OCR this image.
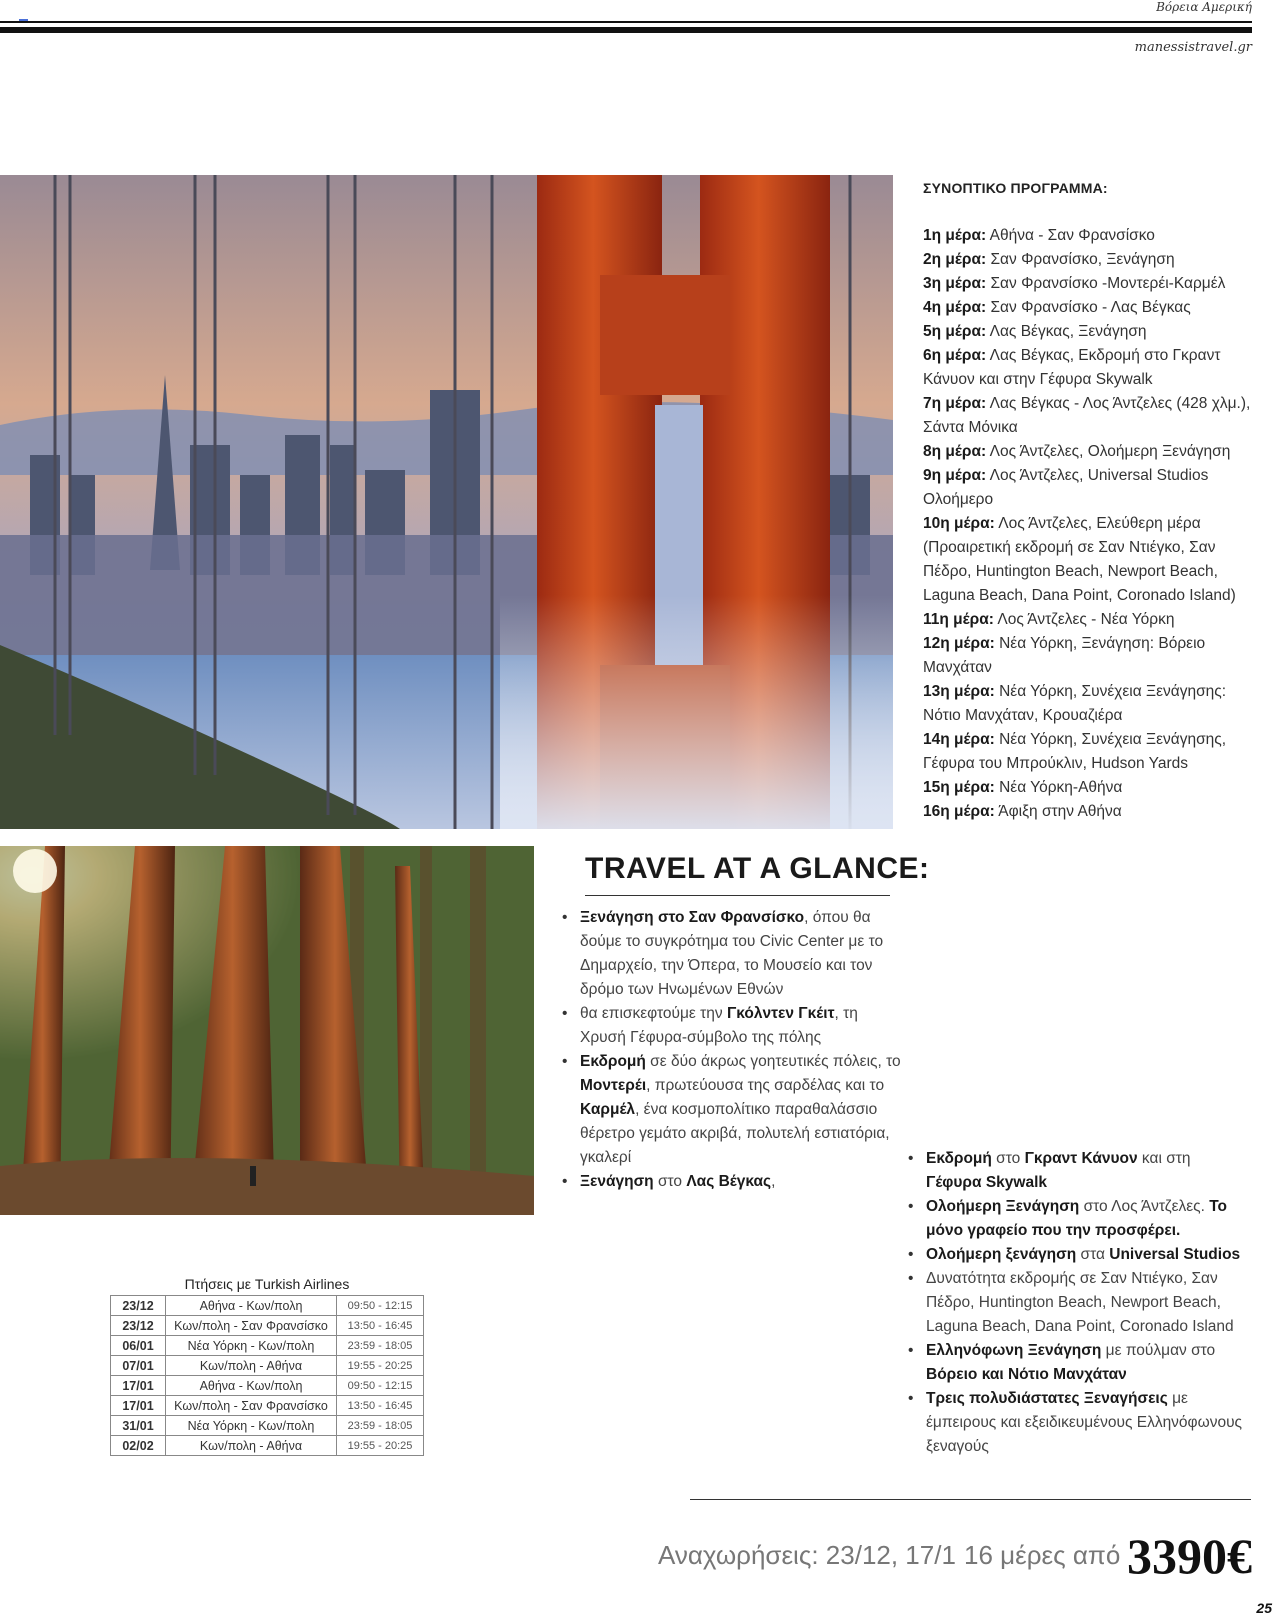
Βόρεια Αμερική
manessistravel.gr
ΣΥΝΟΠΤΙΚΟ ΠΡΟΓΡΑΜΜΑ:
1η μέρα: Αθήνα - Σαν Φρανσίσκο
2η μέρα: Σαν Φρανσίσκο, Ξενάγηση
3η μέρα: Σαν Φρανσίσκο -Μοντερέι-Καρμέλ
4η μέρα: Σαν Φρανσίσκο - Λας Βέγκας
5η μέρα: Λας Βέγκας, Ξενάγηση
6η μέρα: Λας Βέγκας, Εκδρομή στο Γκραντ Κάνυον και στην Γέφυρα Skywalk
7η μέρα: Λας Βέγκας - Λος Άντζελες (428 χλμ.), Σάντα Μόνικα
8η μέρα: Λος Άντζελες, Ολοήμερη Ξενάγηση
9η μέρα: Λος Άντζελες, Universal Studios Ολοήμερο
10η μέρα: Λος Άντζελες, Ελεύθερη μέρα (Προαιρετική εκδρομή σε Σαν Ντιέγκο, Σαν Πέδρο, Huntington Beach, Newport Beach, Laguna Beach, Dana Point, Coronado Island)
11η μέρα: Λος Άντζελες - Νέα Υόρκη
12η μέρα: Νέα Υόρκη, Ξενάγηση: Βόρειο Μανχάταν
13η μέρα: Νέα Υόρκη, Συνέχεια Ξενάγησης: Νότιο Μανχάταν, Κρουαζιέρα
14η μέρα: Νέα Υόρκη, Συνέχεια Ξενάγησης, Γέφυρα του Μπρούκλιν, Hudson Yards
15η μέρα: Νέα Υόρκη-Αθήνα
16η μέρα: Άφιξη στην Αθήνα
TRAVEL AT A GLANCE:
• Ξενάγηση στο Σαν Φρανσίσκο, όπου θα δούμε το συγκρότημα του Civic Center με το Δημαρχείο, την Όπερα, το Μουσείο και τον δρόμο των Ηνωμένων Εθνών
• θα επισκεφτούμε την Γκόλντεν Γκέιτ, τη Χρυσή Γέφυρα-σύμβολο της πόλης
• Εκδρομή σε δύο άκρως γοητευτικές πόλεις, το Μοντερέι, πρωτεύουσα της σαρδέλας και το Καρμέλ, ένα κοσμοπολίτικο παραθαλάσσιο θέρετρο γεμάτο ακριβά, πολυτελή εστιατόρια, γκαλερί
• Ξενάγηση στο Λας Βέγκας,
• Εκδρομή στο Γκραντ Κάνυον και στη Γέφυρα Skywalk
• Ολοήμερη Ξενάγηση στο Λος Άντζελες. Το μόνο γραφείο που την προσφέρει.
• Ολοήμερη ξενάγηση στα Universal Studios
• Δυνατότητα εκδρομής σε Σαν Ντιέγκο, Σαν Πέδρο, Huntington Beach, Newport Beach, Laguna Beach, Dana Point, Coronado Island
• Ελληνόφωνη Ξενάγηση με πούλμαν στο Βόρειο και Νότιο Μανχάταν
• Τρεις πολυδιάστατες Ξεναγήσεις με έμπειρους και εξειδικευμένους Ελληνόφωνους ξεναγούς
Πτήσεις με Turkish Airlines
23/12	Αθήνα - Κων/πολη	09:50 - 12:15
23/12	Κων/πολη - Σαν Φρανσίσκο	13:50 - 16:45
06/01	Νέα Υόρκη - Κων/πολη	23:59 - 18:05
07/01	Κων/πολη - Αθήνα	19:55 - 20:25
17/01	Αθήνα - Κων/πολη	09:50 - 12:15
17/01	Κων/πολη - Σαν Φρανσίσκο	13:50 - 16:45
31/01	Νέα Υόρκη - Κων/πολη	23:59 - 18:05
02/02	Κων/πολη - Αθήνα	19:55 - 20:25
Αναχωρήσεις: 23/12, 17/1 16 μέρες από 3390€
25
